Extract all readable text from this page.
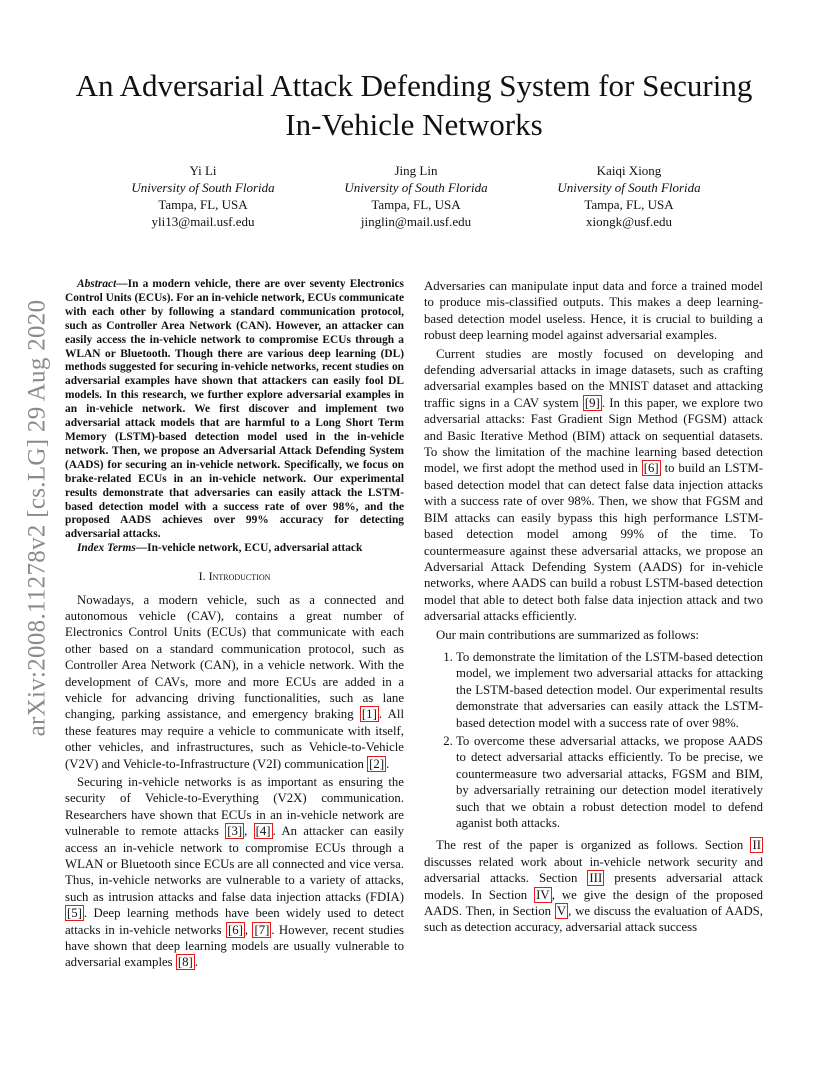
An Adversarial Attack Defending System for Securing In-Vehicle Networks
Yi Li
University of South Florida
Tampa, FL, USA
yli13@mail.usf.edu
Jing Lin
University of South Florida
Tampa, FL, USA
jinglin@mail.usf.edu
Kaiqi Xiong
University of South Florida
Tampa, FL, USA
xiongk@usf.edu
arXiv:2008.11278v2 [cs.LG] 29 Aug 2020

Abstract—In a modern vehicle, there are over seventy Electronics Control Units (ECUs). For an in-vehicle network, ECUs communicate with each other by following a standard communication protocol, such as Controller Area Network (CAN). However, an attacker can easily access the in-vehicle network to compromise ECUs through a WLAN or Bluetooth. Though there are various deep learning (DL) methods suggested for securing in-vehicle networks, recent studies on adversarial examples have shown that attackers can easily fool DL models. In this research, we further explore adversarial examples in an in-vehicle network. We first discover and implement two adversarial attack models that are harmful to a Long Short Term Memory (LSTM)-based detection model used in the in-vehicle network. Then, we propose an Adversarial Attack Defending System (AADS) for securing an in-vehicle network. Specifically, we focus on brake-related ECUs in an in-vehicle network. Our experimental results demonstrate that adversaries can easily attack the LSTM-based detection model with a success rate of over 98%, and the proposed AADS achieves over 99% accuracy for detecting adversarial attacks.

Index Terms—In-vehicle network, ECU, adversarial attack

I. Introduction

Nowadays, a modern vehicle, such as a connected and autonomous vehicle (CAV), contains a great number of Electronics Control Units (ECUs) that communicate with each other based on a standard communication protocol, such as Controller Area Network (CAN), in a vehicle network. With the development of CAVs, more and more ECUs are added in a vehicle for advancing driving functionalities, such as lane changing, parking assistance, and emergency braking [1] . All these features may require a vehicle to communicate with itself, other vehicles, and infrastructures, such as Vehicle-to-Vehicle (V2V) and Vehicle-to-Infrastructure (V2I) communication [2] .

Securing in-vehicle networks is as important as ensuring the security of Vehicle-to-Everything (V2X) communication. Researchers have shown that ECUs in an in-vehicle network are vulnerable to remote attacks [3] , [4] . An attacker can easily access an in-vehicle network to compromise ECUs through a WLAN or Bluetooth since ECUs are all connected and vice versa. Thus, in-vehicle networks are vulnerable to a variety of attacks, such as intrusion attacks and false data injection attacks (FDIA) [5] . Deep learning methods have been widely used to detect attacks in in-vehicle networks [6] , [7] . However, recent studies have shown that deep learning models are usually vulnerable to adversarial examples [8] .

Adversaries can manipulate input data and force a trained model to produce mis-classified outputs. This makes a deep learning-based detection model useless. Hence, it is crucial to building a robust deep learning model against adversarial examples.

Current studies are mostly focused on developing and defending adversarial attacks in image datasets, such as crafting adversarial examples based on the MNIST dataset and attacking traffic signs in a CAV system [9] . In this paper, we explore two adversarial attacks: Fast Gradient Sign Method (FGSM) attack and Basic Iterative Method (BIM) attack on sequential datasets. To show the limitation of the machine learning based detection model, we first adopt the method used in [6] to build an LSTM-based detection model that can detect false data injection attacks with a success rate of over 98%. Then, we show that FGSM and BIM attacks can easily bypass this high performance LSTM-based detection model among 99% of the time. To countermeasure against these adversarial attacks, we propose an Adversarial Attack Defending System (AADS) for in-vehicle networks, where AADS can build a robust LSTM-based detection model that able to detect both false data injection attack and two adversarial attacks efficiently.

Our main contributions are summarized as follows:

1. To demonstrate the limitation of the LSTM-based detection model, we implement two adversarial attacks for attacking the LSTM-based detection model. Our experimental results demonstrate that adversaries can easily attack the LSTM-based detection model with a success rate of over 98%.
2. To overcome these adversarial attacks, we propose AADS to detect adversarial attacks efficiently. To be precise, we countermeasure two adversarial attacks, FGSM and BIM, by adversarially retraining our detection model iteratively such that we obtain a robust detection model to defend aganist both attacks.

The rest of the paper is organized as follows. Section II discusses related work about in-vehicle network security and adversarial attacks. Section III presents adversarial attack models. In Section IV , we give the design of the proposed AADS. Then, in Section V , we discuss the evaluation of AADS, such as detection accuracy, adversarial attack success
